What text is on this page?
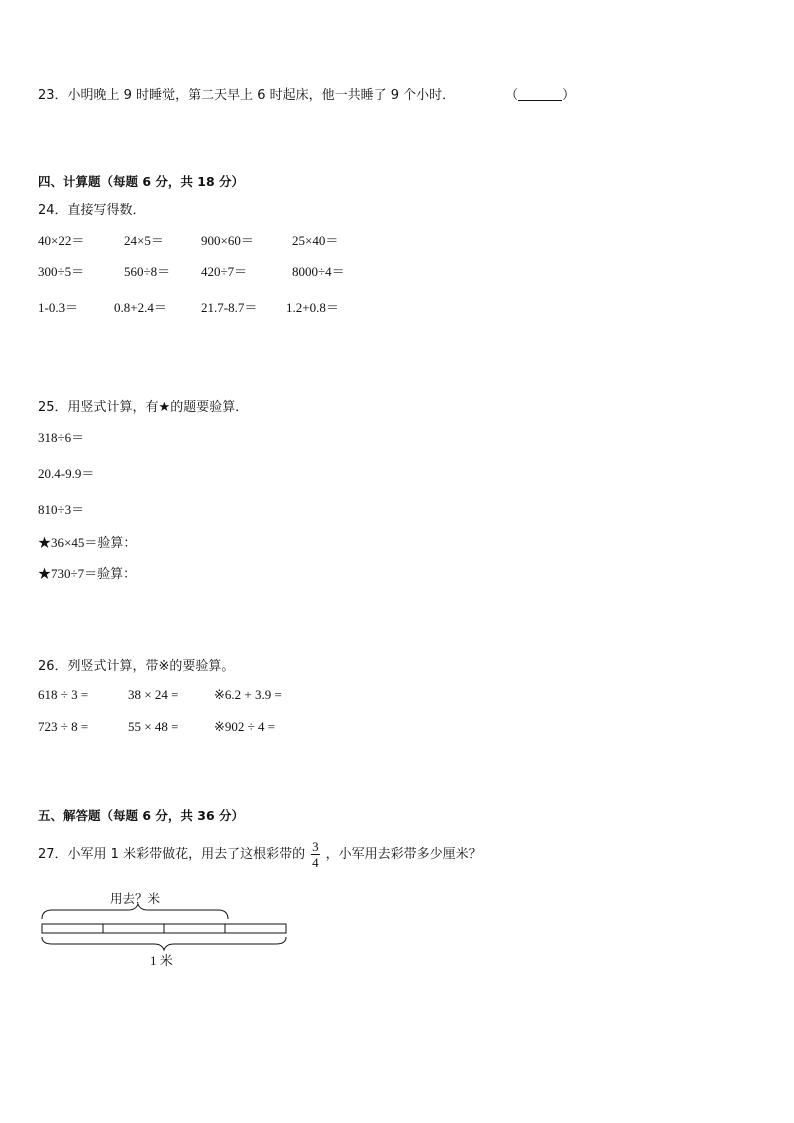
23．小明晚上 9 时睡觉，第二天早上 6 时起床，他一共睡了 9 个小时．	（	）
四、计算题（每题 6 分，共 18 分）
24．直接写得数．
40×22＝	24×5＝	900×60＝	25×40＝
300÷5＝	560÷8＝ 420÷7＝	8000÷4＝
1-0.3＝	0.8+2.4＝	21.7-8.7＝ 1.2+0.8＝
25．用竖式计算，有★的题要验算．
318÷6＝
20.4-9.9＝
810÷3＝
★36×45＝验算：
★730÷7＝验算：
26．列竖式计算，带※的要验算。
618 ÷ 3 =	38 × 24 =	※6.2 + 3.9 =
723 ÷ 8 =	55 × 48 =	※902 ÷ 4 =
五、解答题（每题 6 分，共 36 分）
27．小军用 1 米彩带做花，用去了这根彩带的 $\frac{3}{4}$ ，小军用去彩带多少厘米？
用去？米
1 米
